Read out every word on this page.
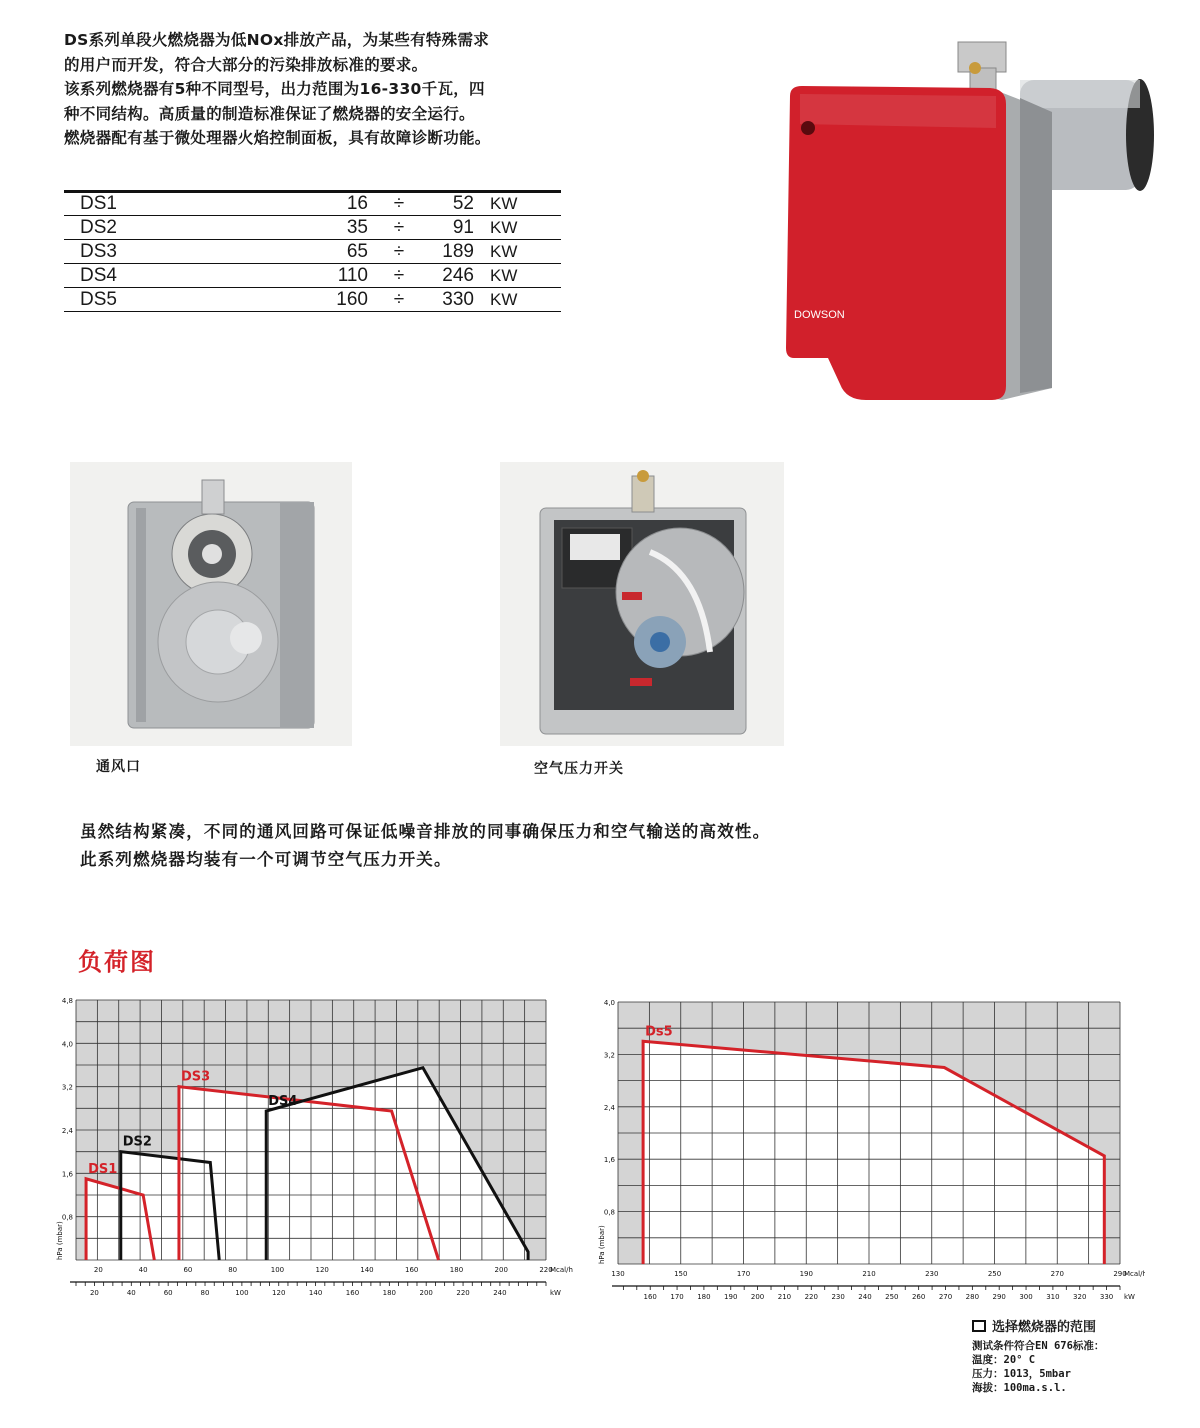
DS系列单段火燃烧器为低NOx排放产品，为某些有特殊需求

的用户而开发，符合大部分的污染排放标准的要求。

该系列燃烧器有5种不同型号，出力范围为16-330千瓦，四

种不同结构。高质量的制造标准保证了燃烧器的安全运行。

燃烧器配有基于微处理器火焰控制面板，具有故障诊断功能。

DS1	16	÷	52	KW
DS2	35	÷	91	KW
DS3	65	÷	189	KW
DS4	110	÷	246	KW
DS5	160	÷	330	KW
DOWSON
通风口	空气压力开关

虽然结构紧凑，不同的通风回路可保证低噪音排放的同事确保压力和空气输送的高效性。

此系列燃烧器均装有一个可调节空气压力开关。

负荷图
DS1
DS2
DS3
DS4
0,8
1,6
2,4
3,2
4,0
4,8
hPa (mbar)
20	40	60	80	100	120	140	160	180	200	220
Mcal/h
20	40	60	80	100	120	140	160	180	200	220	240	kW
Ds5
0,8
1,6
2,4
3,2
4,0
hPa (mbar)
130	150	170	190	210	230	250	270	290
Mcal/h
160 170 180 190 200 210 220 230 240 250 260 270 280 290 300 310 320 330 kW
选择燃烧器的范围
测试条件符合EN 676标准：
温度：20° C
压力：1013，5mbar
海拔：100ma.s.l.
